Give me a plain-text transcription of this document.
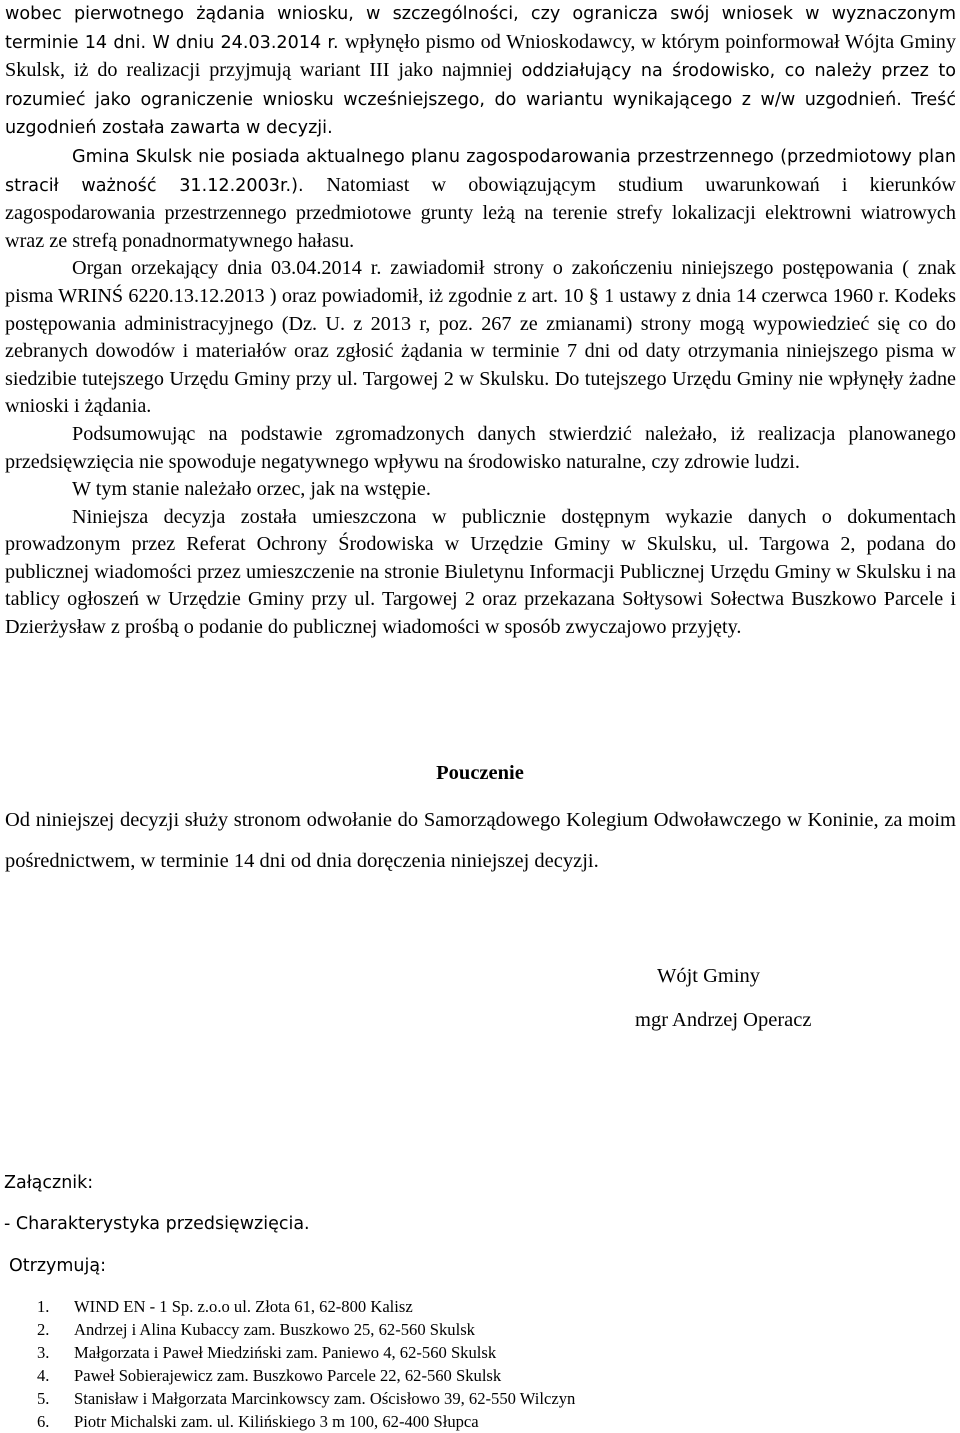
wobec pierwotnego żądania wniosku, w szczególności, czy ogranicza swój wniosek w wyznaczonym terminie 14 dni. W dniu 24.03.2014 r. wpłynęło pismo od Wnioskodawcy, w którym poinformował Wójta Gminy Skulsk, iż do realizacji przyjmują wariant III jako najmniej oddziałujący na środowisko, co należy przez to rozumieć jako ograniczenie wniosku wcześniejszego, do wariantu wynikającego z w/w uzgodnień. Treść uzgodnień została zawarta w decyzji.

Gmina Skulsk nie posiada aktualnego planu zagospodarowania przestrzennego (przedmiotowy plan stracił ważność 31.12.2003r.). Natomiast w obowiązującym studium uwarunkowań i kierunków zagospodarowania przestrzennego przedmiotowe grunty leżą na terenie strefy lokalizacji elektrowni wiatrowych wraz ze strefą ponadnormatywnego hałasu.

Organ orzekający dnia 03.04.2014 r. zawiadomił strony o zakończeniu niniejszego postępowania ( znak pisma WRINŚ 6220.13.12.2013 ) oraz powiadomił, iż zgodnie z art. 10 § 1 ustawy z dnia 14 czerwca 1960 r. Kodeks postępowania administracyjnego (Dz. U. z 2013 r, poz. 267 ze zmianami) strony mogą wypowiedzieć się co do zebranych dowodów i materiałów oraz zgłosić żądania w terminie 7 dni od daty otrzymania niniejszego pisma w siedzibie tutejszego Urzędu Gminy przy ul. Targowej 2 w Skulsku. Do tutejszego Urzędu Gminy nie wpłynęły żadne wnioski i żądania.

Podsumowując na podstawie zgromadzonych danych stwierdzić należało, iż realizacja planowanego przedsięwzięcia nie spowoduje negatywnego wpływu na środowisko naturalne, czy zdrowie ludzi.

W tym stanie należało orzec, jak na wstępie.

Niniejsza decyzja została umieszczona w publicznie dostępnym wykazie danych o dokumentach prowadzonym przez Referat Ochrony Środowiska w Urzędzie Gminy w Skulsku, ul. Targowa 2, podana do publicznej wiadomości przez umieszczenie na stronie Biuletynu Informacji Publicznej Urzędu Gminy w Skulsku i na tablicy ogłoszeń w Urzędzie Gminy przy ul. Targowej 2 oraz przekazana Sołtysowi Sołectwa Buszkowo Parcele i Dzierżysław z prośbą o podanie do publicznej wiadomości w sposób zwyczajowo przyjęty.

Pouczenie

Od niniejszej decyzji służy stronom odwołanie do Samorządowego Kolegium Odwoławczego w Koninie, za moim pośrednictwem, w terminie 14 dni od dnia doręczenia niniejszej decyzji.

Wójt Gminy
mgr Andrzej Operacz

Załącznik:

- Charakterystyka przedsięwzięcia.

Otrzymują:

1. WIND EN - 1 Sp. z.o.o ul. Złota 61, 62-800 Kalisz
2. Andrzej i Alina Kubaccy zam. Buszkowo 25, 62-560 Skulsk
3. Małgorzata i Paweł Miedziński zam. Paniewo 4, 62-560 Skulsk
4. Paweł Sobierajewicz zam. Buszkowo Parcele 22, 62-560 Skulsk
5. Stanisław i Małgorzata Marcinkowscy zam. Ościsłowo 39, 62-550 Wilczyn
6. Piotr Michalski zam. ul. Kilińskiego 3 m 100, 62-400 Słupca
